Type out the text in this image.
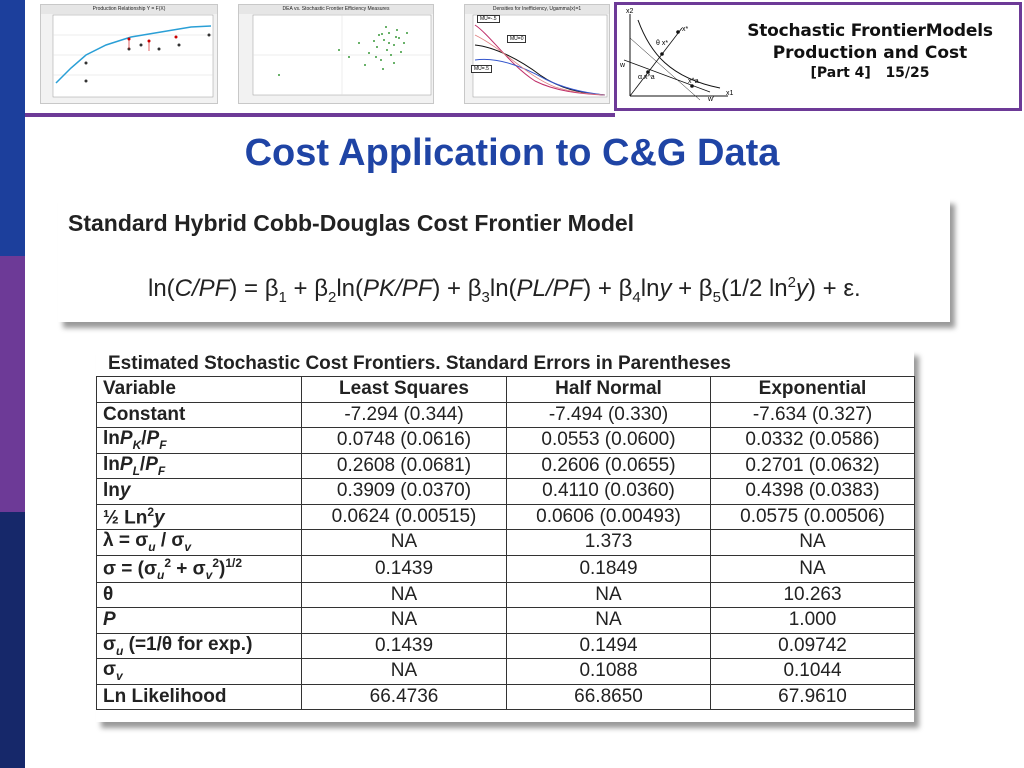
Production Relationship Y = F(X)	DEA vs. Stochastic Frontier Efficiency Measures	Densities for Inefficiency, Ugamma(x)=1
MU=-.5
MU=0
MU=.5
x2
x1
w
w'
θ x*
x*
x^a
α x^a
Stochastic FrontierModels
Production and Cost
[Part 4] 15/25
Cost Application to C&G Data
Standard Hybrid Cobb-Douglas Cost Frontier Model
$\ln(C/PF) = \beta_1 + \beta_2\ln(PK/PF) + \beta_3\ln(PL/PF) + \beta_4\ln y + \beta_5(1/2$ $\ln^2y) + \varepsilon$.
Estimated Stochastic Cost Frontiers. Standard Errors in Parentheses
Variable	Least Squares	Half Normal	Exponential
Constant	-7.294 (0.344)	-7.494 (0.330)	-7.634 (0.327)
$\ln P_K/P_F$	0.0748 (0.0616)	0.0553 (0.0600)	0.0332 (0.0586)
$\ln P_L/P_F$	0.2608 (0.0681)	0.2606 (0.0655)	0.2701 (0.0632)
lny	0.3909 (0.0370)	0.4110 (0.0360)	0.4398 (0.0383)
½ Ln$^2$y	0.0624 (0.00515)	0.0606 (0.00493)	0.0575 (0.00506)
$\lambda = \sigma_u / \sigma_v$	NA	1.373	NA
$\sigma = (\sigma_u^2 + \sigma_v^2)^{1/2}$	0.1439	0.1849	NA
θ	NA	NA	10.263
P	NA	NA	1.000
$\sigma_u$ (=1/θ for exp.)	0.1439	0.1494	0.09742
$\sigma_v$	NA	0.1088	0.1044
Ln Likelihood	66.4736	66.8650	67.9610
